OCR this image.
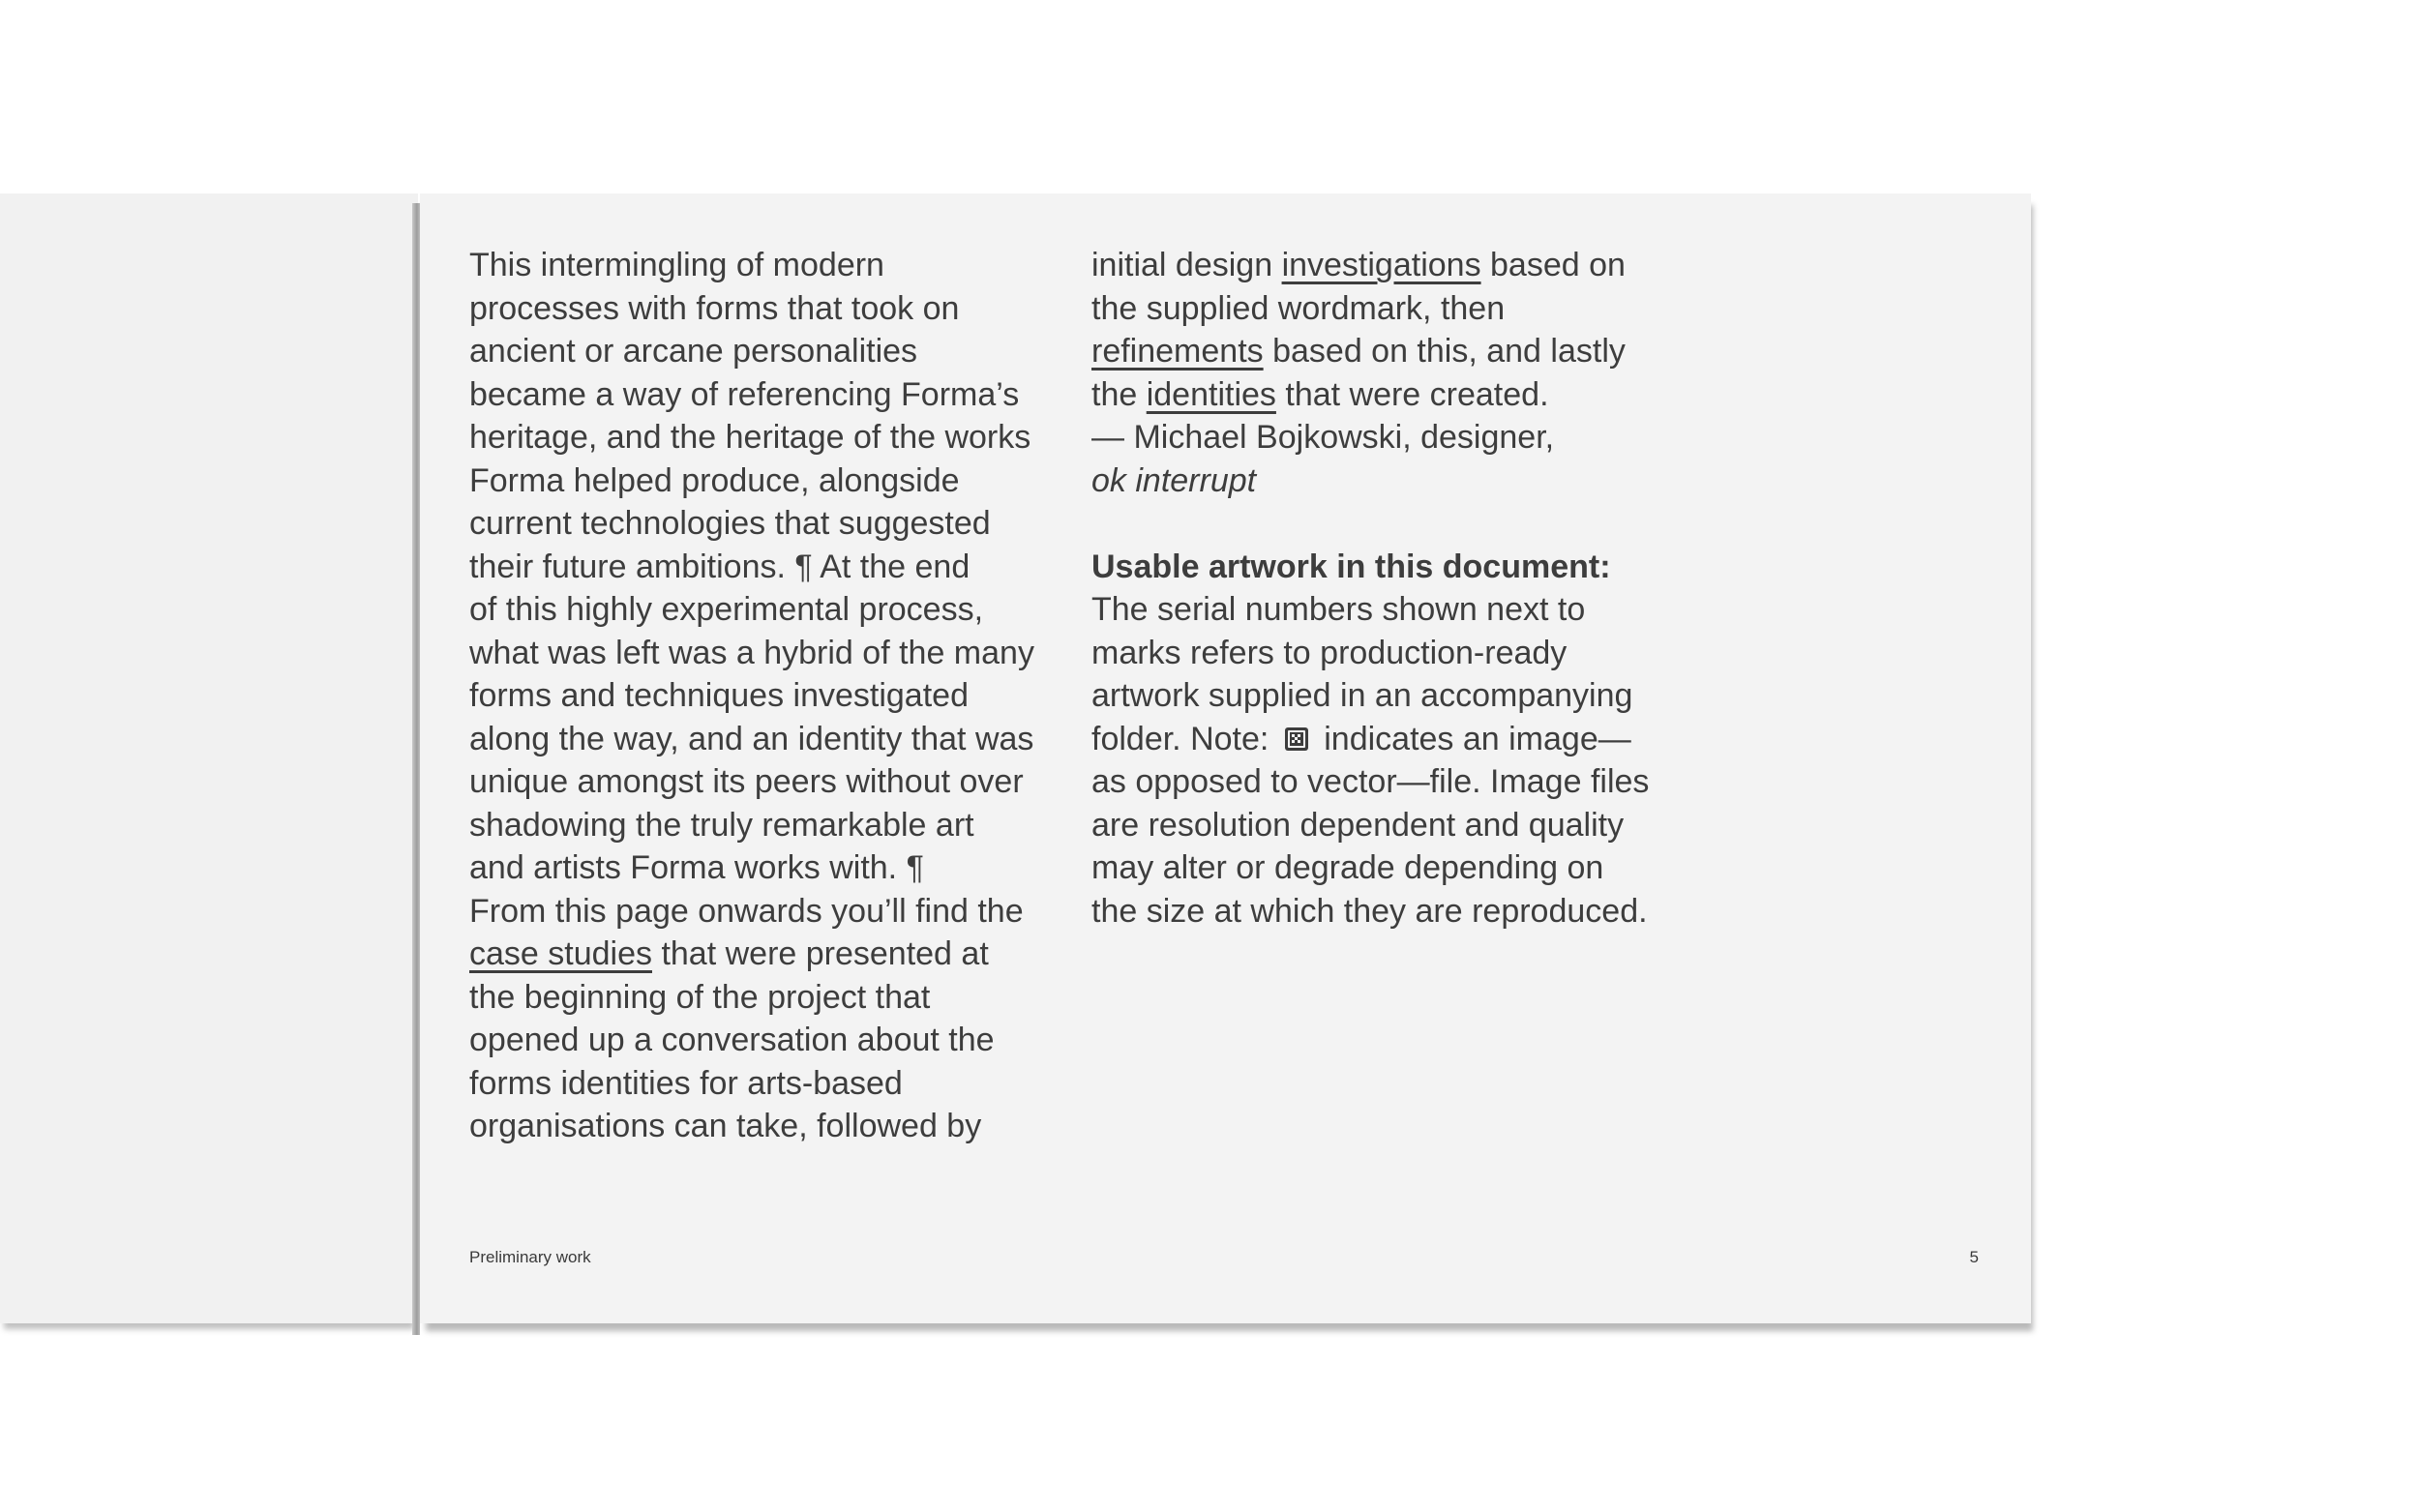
This intermingling of modern
processes with forms that took on
ancient or arcane personalities
became a way of referencing Forma’s
heritage, and the heritage of the works
Forma helped produce, alongside
current technologies that suggested
their future ambitions. ¶ At the end
of this highly experimental process,
what was left was a hybrid of the many
forms and techniques investigated
along the way, and an identity that was
unique amongst its peers without over
shadowing the truly remarkable art
and artists Forma works with. ¶
From this page onwards you’ll find the
case studies that were presented at
the beginning of the project that
opened up a conversation about the
forms identities for arts-based
organisations can take, followed by
initial design investigations based on
the supplied wordmark, then
refinements based on this, and lastly
the identities that were created.
— Michael Bojkowski, designer,
ok interrupt
Usable artwork in this document:
The serial numbers shown next to
marks refers to production-ready
artwork supplied in an accompanying
folder. Note:  indicates an image—
as opposed to vector—file. Image files
are resolution dependent and quality
may alter or degrade depending on
the size at which they are reproduced.
Preliminary work	5
